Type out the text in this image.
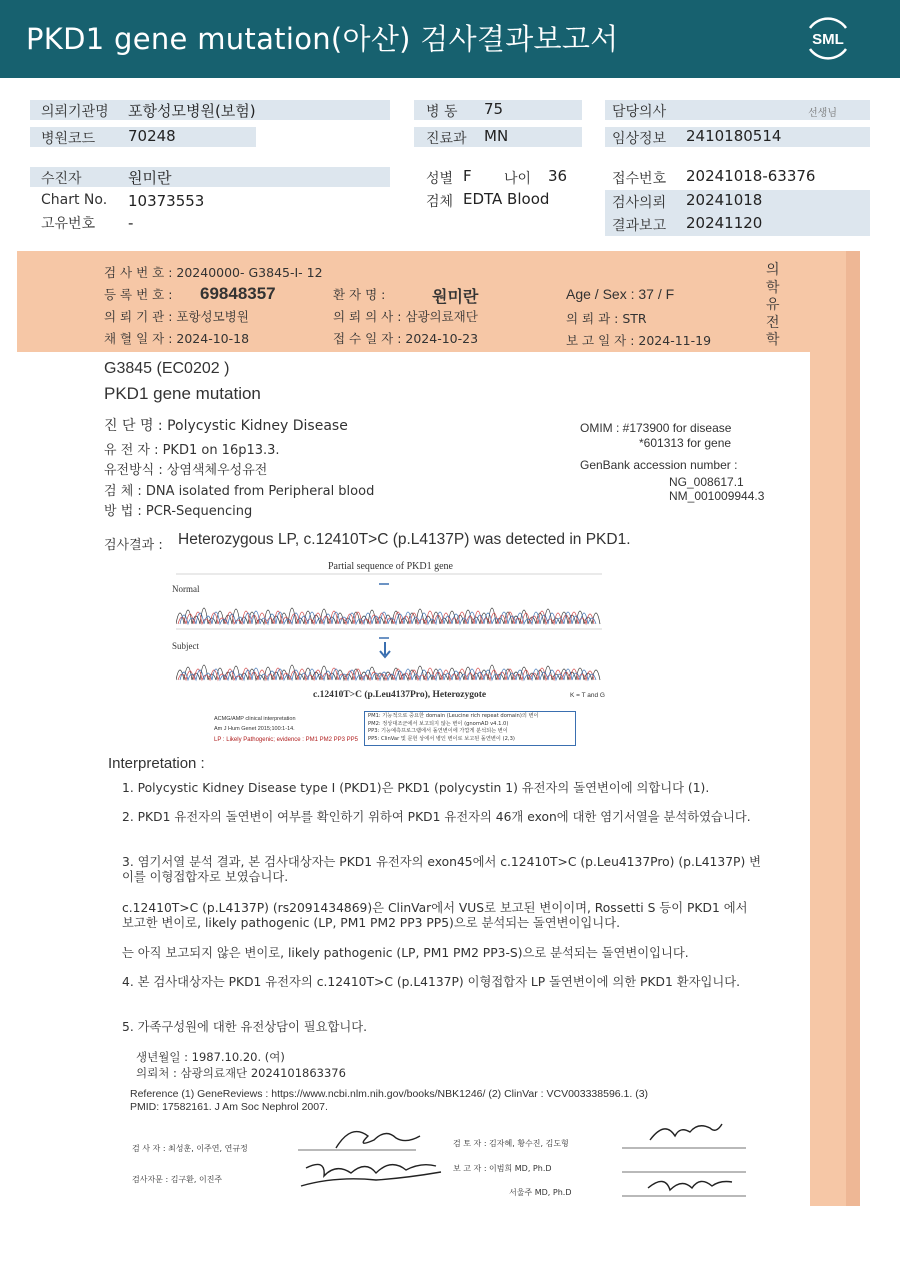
PKD1 gene mutation(아산) 검사결과보고서	SML
의뢰기관명 포항성모병원(보험)
병원코드 70248
병 동 75
진료과 MN
담당의사	선생님
임상정보 2410180514
수진자	원미란
Chart No. 10373553
고유번호 -
성별 F 나이 36
검체 EDTA Blood
접수번호 20241018-63376
검사의뢰 20241018
결과보고 20241120
검 사 번 호 : 20240000- G3845-I- 12
등 록 번 호 : 69848357	환 자 명 :	원미란	Age / Sex : 37 / F
의 뢰 기 관 : 포항성모병원	의 뢰 의 사 : 삼광의료재단	의 뢰 과 : STR
채 혈 일 자 : 2024-10-18	접 수 일 자 : 2024-10-23	보 고 일 자 : 2024-11-19
의학유전학
G3845 (EC0202 )
PKD1 gene mutation
진 단 명 : Polycystic Kidney Disease
유 전 자 : PKD1 on 16p13.3.
유전방식 : 상염색체우성유전
검 체 : DNA isolated from Peripheral blood
방 법 : PCR-Sequencing
OMIM : #173900 for disease
*601313 for gene
GenBank accession number :
NG_008617.1
NM_001009944.3
검사결과 : Heterozygous LP, c.12410T>C (p.L4137P) was detected in PKD1.
Partial sequence of PKD1 gene
Normal
Subject
c.12410T>C (p.Leu4137Pro), Heterozygote	K = T and G
ACMG/AMP clinical interpretation
Am J Hum Genet 2015;100:1-14.
LP : Likely Pathogenic; evidence : PM1 PM2 PP3 PP5
PM1: 기능적으로 중요한 domain (Leucine rich repeat domain)의 변이
PM2: 정상대조군에서 보고되지 않는 변이 (gnomAD v4.1.0)
PP3: 기능예측프로그램에서 돌연변이에 가깝게 분석되는 변이
PP5: ClinVar 및 문헌 상에서 병인 변이로 보고된 돌연변이 (2,3)
Interpretation :
1. Polycystic Kidney Disease type I (PKD1)은 PKD1 (polycystin 1) 유전자의 돌연변이에 의합니다 (1).
2. PKD1 유전자의 돌연변이 여부를 확인하기 위하여 PKD1 유전자의 46개 exon에 대한 염기서열을 분석하였습니다.
3. 염기서열 분석 결과, 본 검사대상자는 PKD1 유전자의 exon45에서 c.12410T>C (p.Leu4137Pro) (p.L4137P) 변이를 이형접합자로 보였습니다.
c.12410T>C (p.L4137P) (rs2091434869)은 ClinVar에서 VUS로 보고된 변이이며, Rossetti S 등이 PKD1 에서 보고한 변이로, likely pathogenic (LP, PM1 PM2 PP3 PP5)으로 분석되는 돌연변이입니다.
는 아직 보고되지 않은 변이로, likely pathogenic (LP, PM1 PM2 PP3-S)으로 분석되는 돌연변이입니다.
4. 본 검사대상자는 PKD1 유전자의 c.12410T>C (p.L4137P) 이형접합자 LP 돌연변이에 의한 PKD1 환자입니다.
5. 가족구성원에 대한 유전상담이 필요합니다.
생년월일 : 1987.10.20. (여)
의뢰처 : 삼광의료재단 2024101863376
Reference (1) GeneReviews : https://www.ncbi.nlm.nih.gov/books/NBK1246/ (2) ClinVar : VCV003338596.1. (3) PMID: 17582161. J Am Soc Nephrol 2007.
검 사 자 : 최성훈, 이주연, 연규정
검사자문 : 김구환, 이진주
검 토 자 : 김자혜, 황수진, 김도형
보 고 자 : 이범희 MD, Ph.D
서울주 MD, Ph.D
